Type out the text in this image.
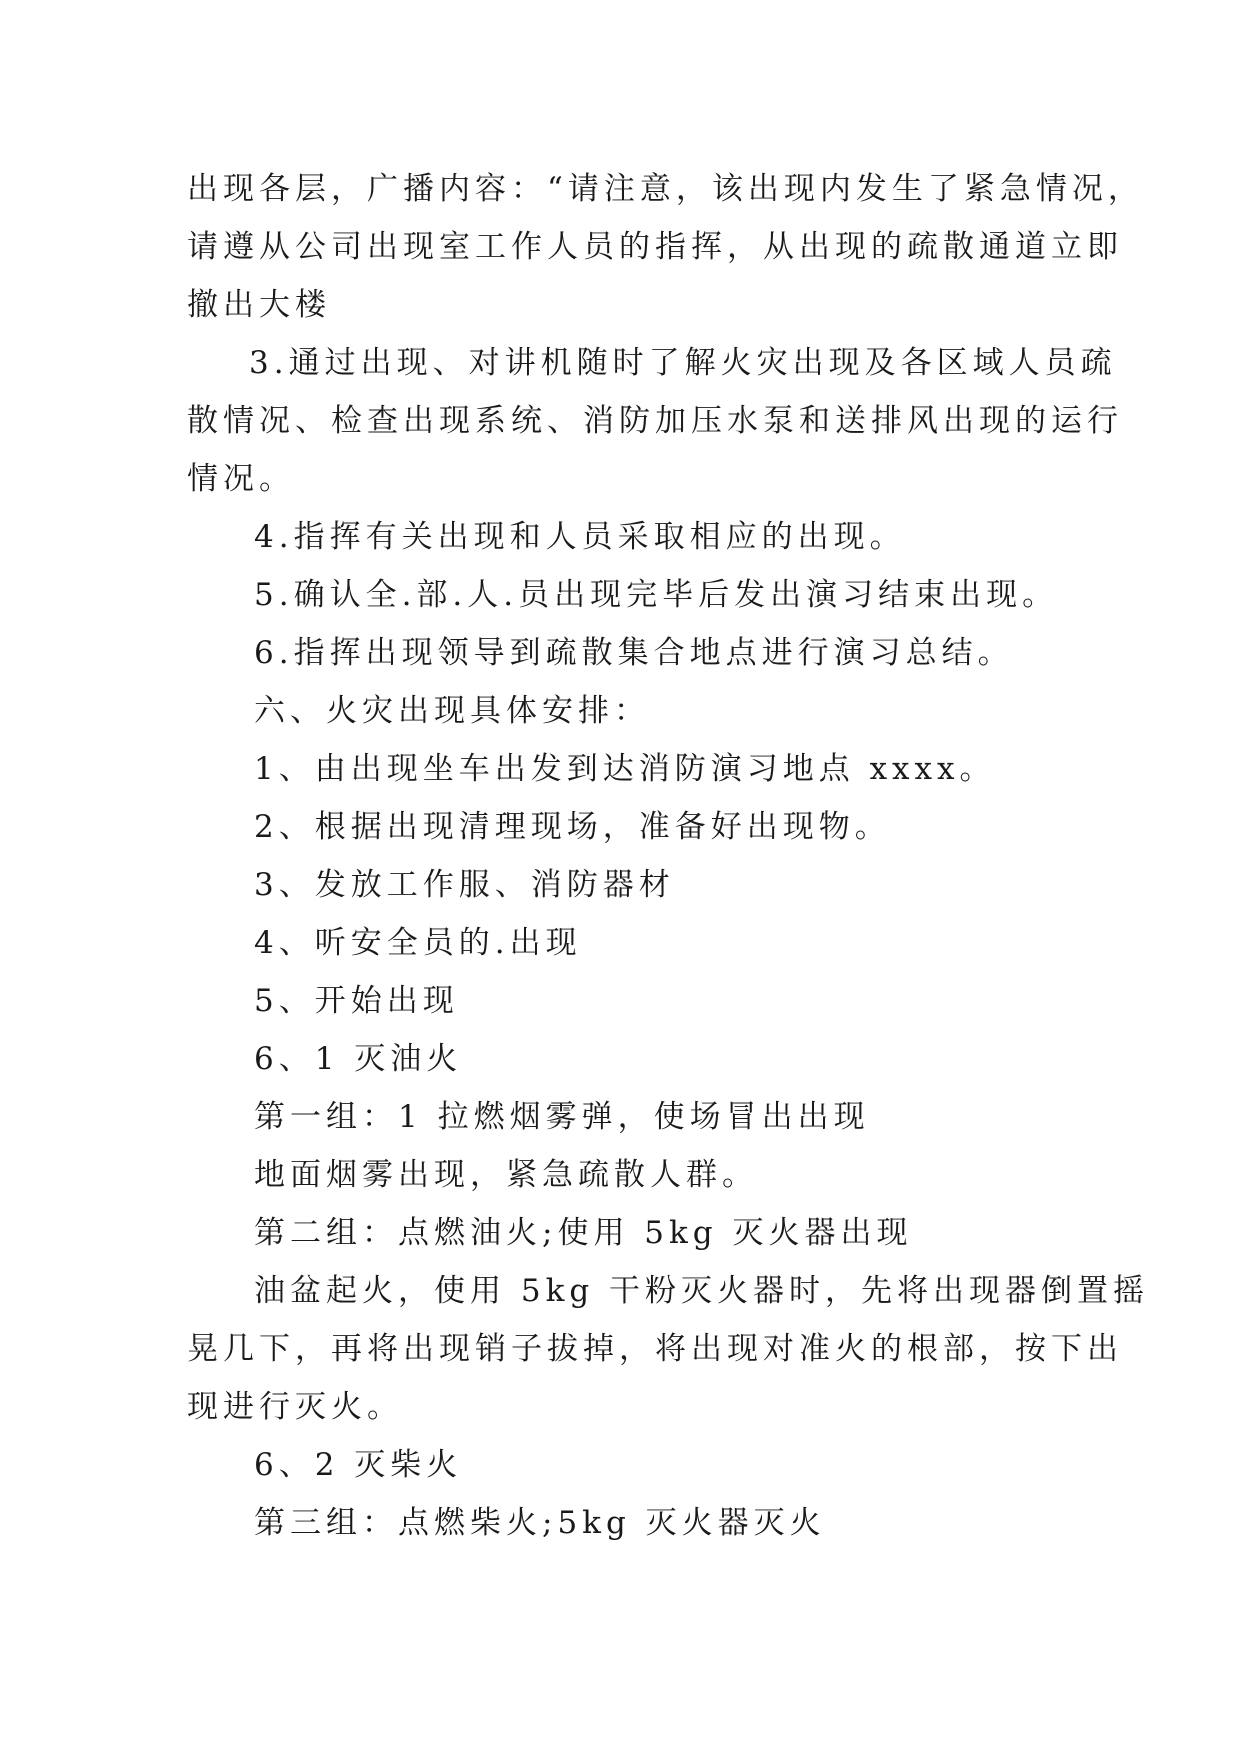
出现各层，广播内容：“请注意，该出现内发生了紧急情况，
请遵从公司出现室工作人员的指挥，从出现的疏散通道立即
撤出大楼
3.通过出现、对讲机随时了解火灾出现及各区域人员疏
散情况、检查出现系统、消防加压水泵和送排风出现的运行
情况。
4.指挥有关出现和人员采取相应的出现。
5.确认全.部.人.员出现完毕后发出演习结束出现。
6.指挥出现领导到疏散集合地点进行演习总结。
六、火灾出现具体安排：
1、由出现坐车出发到达消防演习地点 xxxx。
2、根据出现清理现场，准备好出现物。
3、发放工作服、消防器材
4、听安全员的.出现
5、开始出现
6、1 灭油火
第一组：1 拉燃烟雾弹，使场冒出出现
地面烟雾出现，紧急疏散人群。
第二组：点燃油火;使用 5kg 灭火器出现
油盆起火，使用 5kg 干粉灭火器时，先将出现器倒置摇
晃几下，再将出现销子拔掉，将出现对准火的根部，按下出
现进行灭火。
6、2 灭柴火
第三组：点燃柴火;5kg 灭火器灭火
